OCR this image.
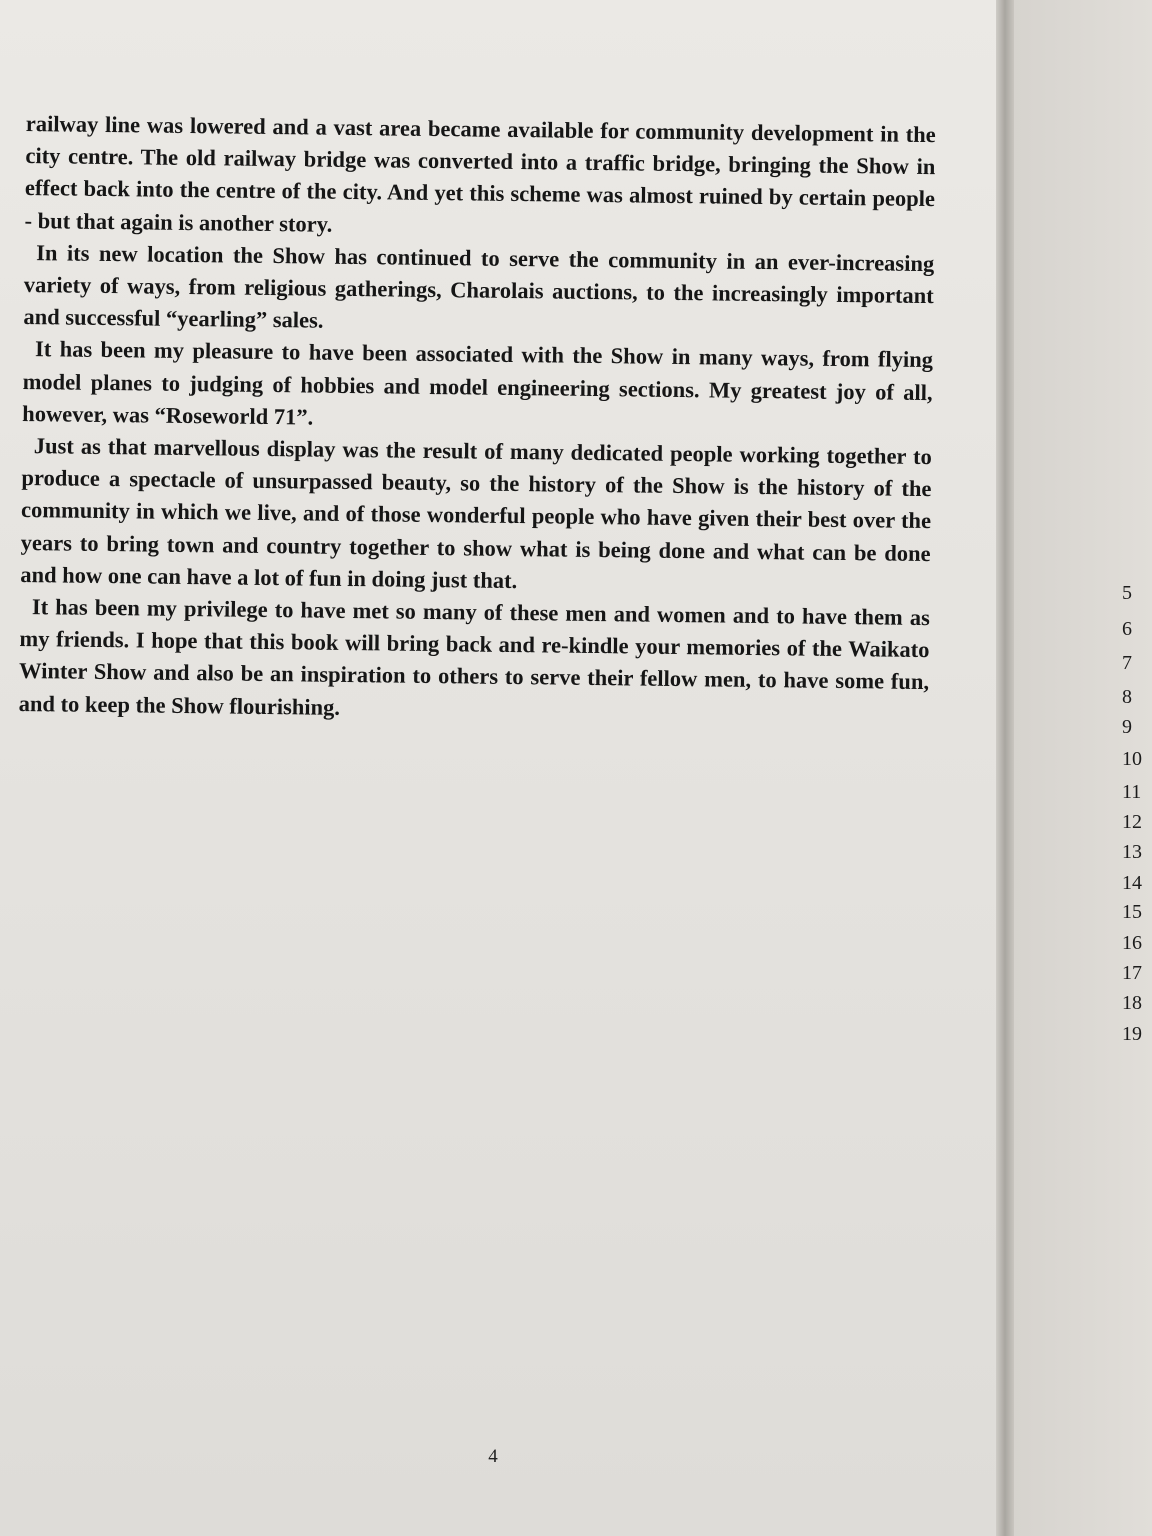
railway line was lowered and a vast area became available for community development in the city centre. The old railway bridge was converted into a traffic bridge, bringing the Show in effect back into the centre of the city. And yet this scheme was almost ruined by certain people - but that again is another story.

In its new location the Show has continued to serve the community in an ever-increasing variety of ways, from religious gatherings, Charolais auctions, to the increasingly important and successful “yearling” sales.

It has been my pleasure to have been associated with the Show in many ways, from flying model planes to judging of hobbies and model engineering sections. My greatest joy of all, however, was “Roseworld 71”.

Just as that marvellous display was the result of many dedicated people working together to produce a spectacle of unsurpassed beauty, so the history of the Show is the history of the community in which we live, and of those wonderful people who have given their best over the years to bring town and country together to show what is being done and what can be done and how one can have a lot of fun in doing just that.

It has been my privilege to have met so many of these men and women and to have them as my friends. I hope that this book will bring back and re-kindle your memories of the Waikato Winter Show and also be an inspiration to others to serve their fellow men, to have some fun, and to keep the Show flourishing.

4
5
6
7
8
9
10
11
12
13
14
15
16
17
18
19
